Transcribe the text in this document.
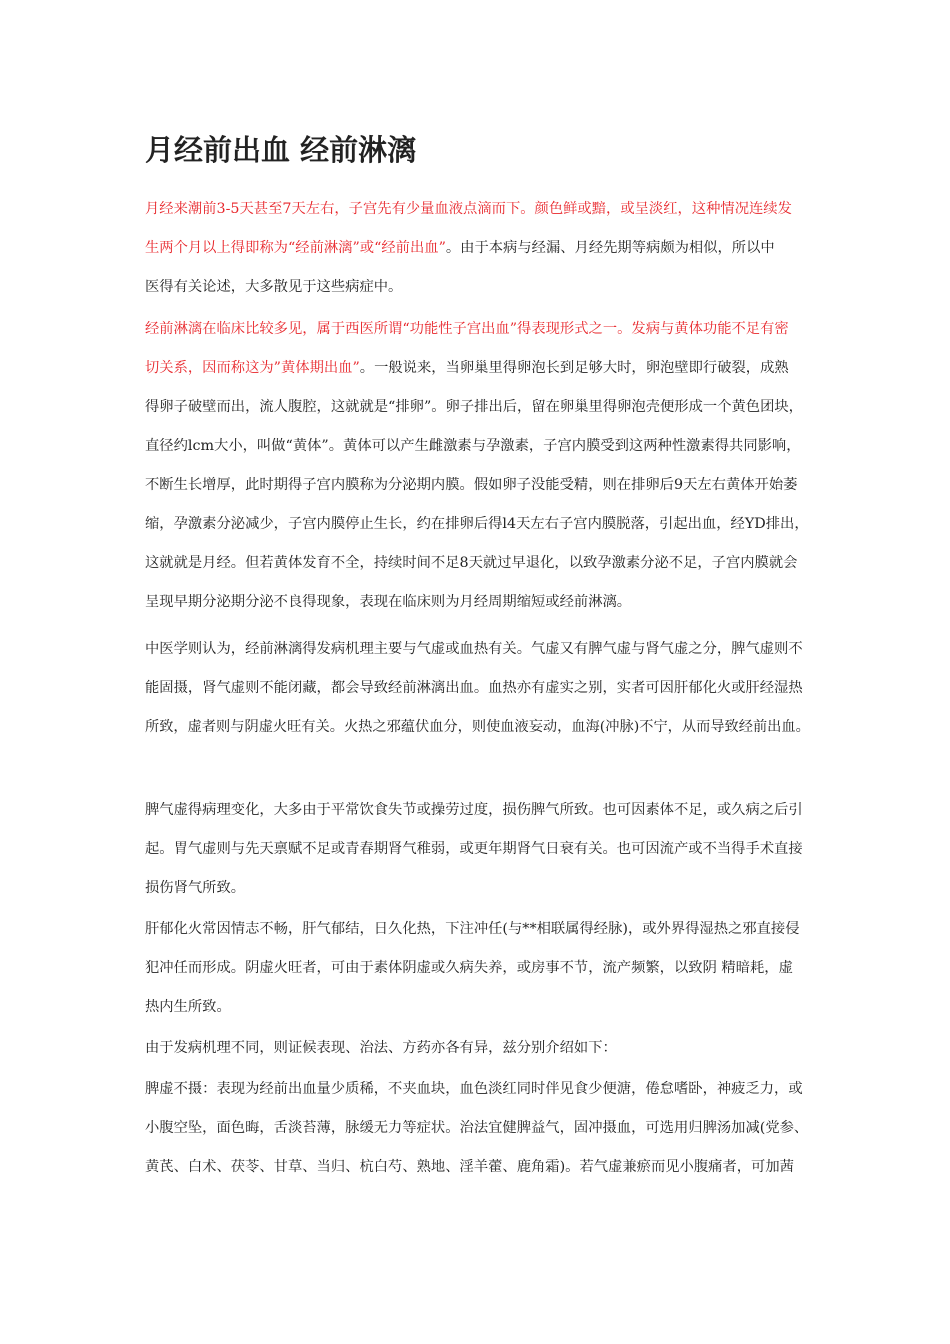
月经前出血 经前淋漓
月经来潮前3-5天甚至7天左右，子宫先有少量血液点滴而下。颜色鲜或黯，或呈淡红，这种情况连续发
生两个月以上得即称为“经前淋漓”或“经前出血”。由于本病与经漏、月经先期等病颇为相似，所以中
医得有关论述，大多散见于这些病症中。
经前淋漓在临床比较多见，属于西医所谓“功能性子宫出血”得表现形式之一。发病与黄体功能不足有密
切关系，因而称这为”黄体期出血”。一般说来，当卵巢里得卵泡长到足够大时，卵泡壁即行破裂，成熟
得卵子破壁而出，流人腹腔，这就就是“排卵”。卵子排出后，留在卵巢里得卵泡壳便形成一个黄色团块，
直径约lcm大小，叫做“黄体”。黄体可以产生雌激素与孕激素，子宫内膜受到这两种性激素得共同影响，
不断生长增厚，此时期得子宫内膜称为分泌期内膜。假如卵子没能受精，则在排卵后9天左右黄体开始萎
缩，孕激素分泌减少，子宫内膜停止生长，约在排卵后得l4天左右子宫内膜脱落，引起出血，经YD排出，
这就就是月经。但若黄体发育不全，持续时间不足8天就过早退化，以致孕激素分泌不足，子宫内膜就会
呈现早期分泌期分泌不良得现象，表现在临床则为月经周期缩短或经前淋漓。
中医学则认为，经前淋漓得发病机理主要与气虚或血热有关。气虚又有脾气虚与肾气虚之分，脾气虚则不
能固摄，肾气虚则不能闭藏，都会导致经前淋漓出血。血热亦有虚实之别，实者可因肝郁化火或肝经湿热
所致，虚者则与阴虚火旺有关。火热之邪蕴伏血分，则使血液妄动，血海(冲脉)不宁，从而导致经前出血。
脾气虚得病理变化，大多由于平常饮食失节或操劳过度，损伤脾气所致。也可因素体不足，或久病之后引
起。胃气虚则与先天禀赋不足或青春期肾气稚弱，或更年期肾气日衰有关。也可因流产或不当得手术直接
损伤肾气所致。
肝郁化火常因情志不畅，肝气郁结，日久化热，下注冲任(与**相联属得经脉)，或外界得湿热之邪直接侵
犯冲任而形成。阴虚火旺者，可由于素体阴虚或久病失养，或房事不节，流产频繁，以致阴 精暗耗，虚
热内生所致。
由于发病机理不同，则证候表现、治法、方药亦各有异，兹分别介绍如下：
脾虚不摄：表现为经前出血量少质稀，不夹血块，血色淡红同时伴见食少便溏，倦怠嗜卧，神疲乏力，或
小腹空坠，面色晦，舌淡苔薄，脉缓无力等症状。治法宜健脾益气，固冲摄血，可选用归脾汤加减(党参、
黄芪、白术、茯苓、甘草、当归、杭白芍、熟地、淫羊藿、鹿角霜)。若气虚兼瘀而见小腹痛者，可加茜
